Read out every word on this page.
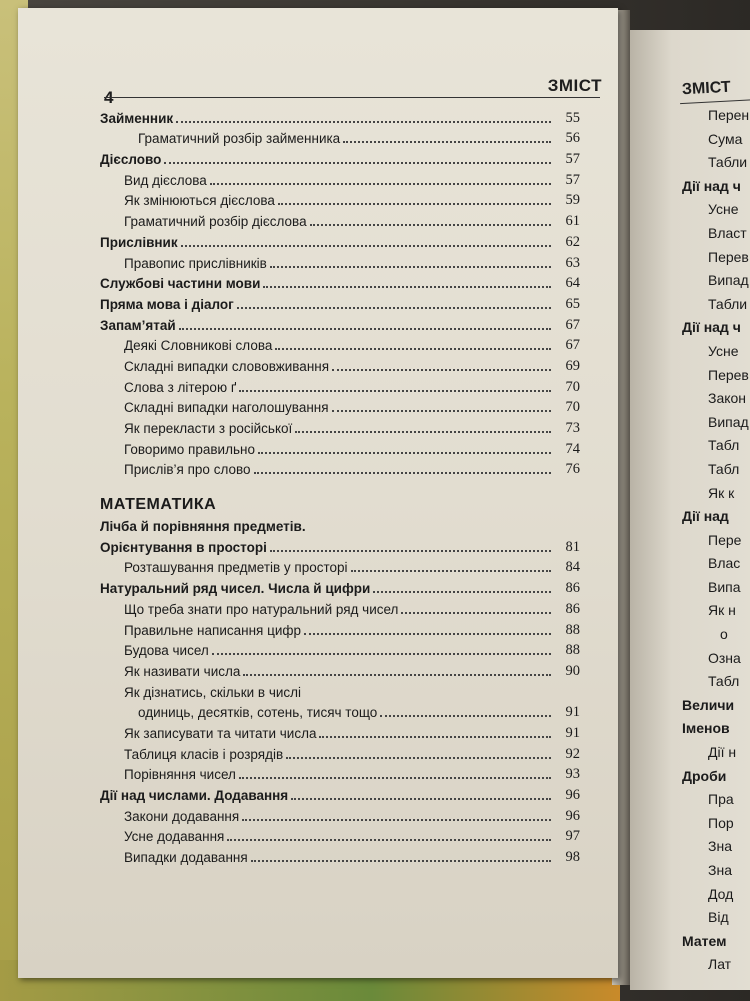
ЗМІСТ
Перен
Сума
Табли
Дії над ч
Усне
Власт
Перев
Випад
Табли
Дії над ч
Усне
Перев
Закон
Випад
Табл
Табл
Як к
Дії над
Пере
Влас
Випа
Як н
о
Озна
Табл
Величи
Іменов
Дії н
Дроби
Пра
Пор
Зна
Зна
Дод
Від
Матем
Лат
4
ЗМІСТ
Займенник	55
Граматичний розбір займенника	56
Дієслово	57
Вид дієслова	57
Як змінюються дієслова	59
Граматичний розбір дієслова	61
Прислівник	62
Правопис прислівників	63
Службові частини мови	64
Пряма мова і діалог	65
Запам’ятай	67
Деякі Словникові слова	67
Складні випадки слововживання	69
Слова з літерою ґ	70
Складні випадки наголошування	70
Як перекласти з російської	73
Говоримо правильно	74
Прислів’я про слово	76
МАТЕМАТИКА
Лічба й порівняння предметів.
Орієнтування в просторі	81
Розташування предметів у просторі	84
Натуральний ряд чисел. Числа й цифри	86
Що треба знати про натуральний ряд чисел	86
Правильне написання цифр	88
Будова чисел	88
Як називати числа	90
Як дізнатись, скільки в числі
одиниць, десятків, сотень, тисяч тощо	91
Як записувати та читати числа	91
Таблиця класів і розрядів	92
Порівняння чисел	93
Дії над числами. Додавання	96
Закони додавання	96
Усне додавання	97
Випадки додавання	98
